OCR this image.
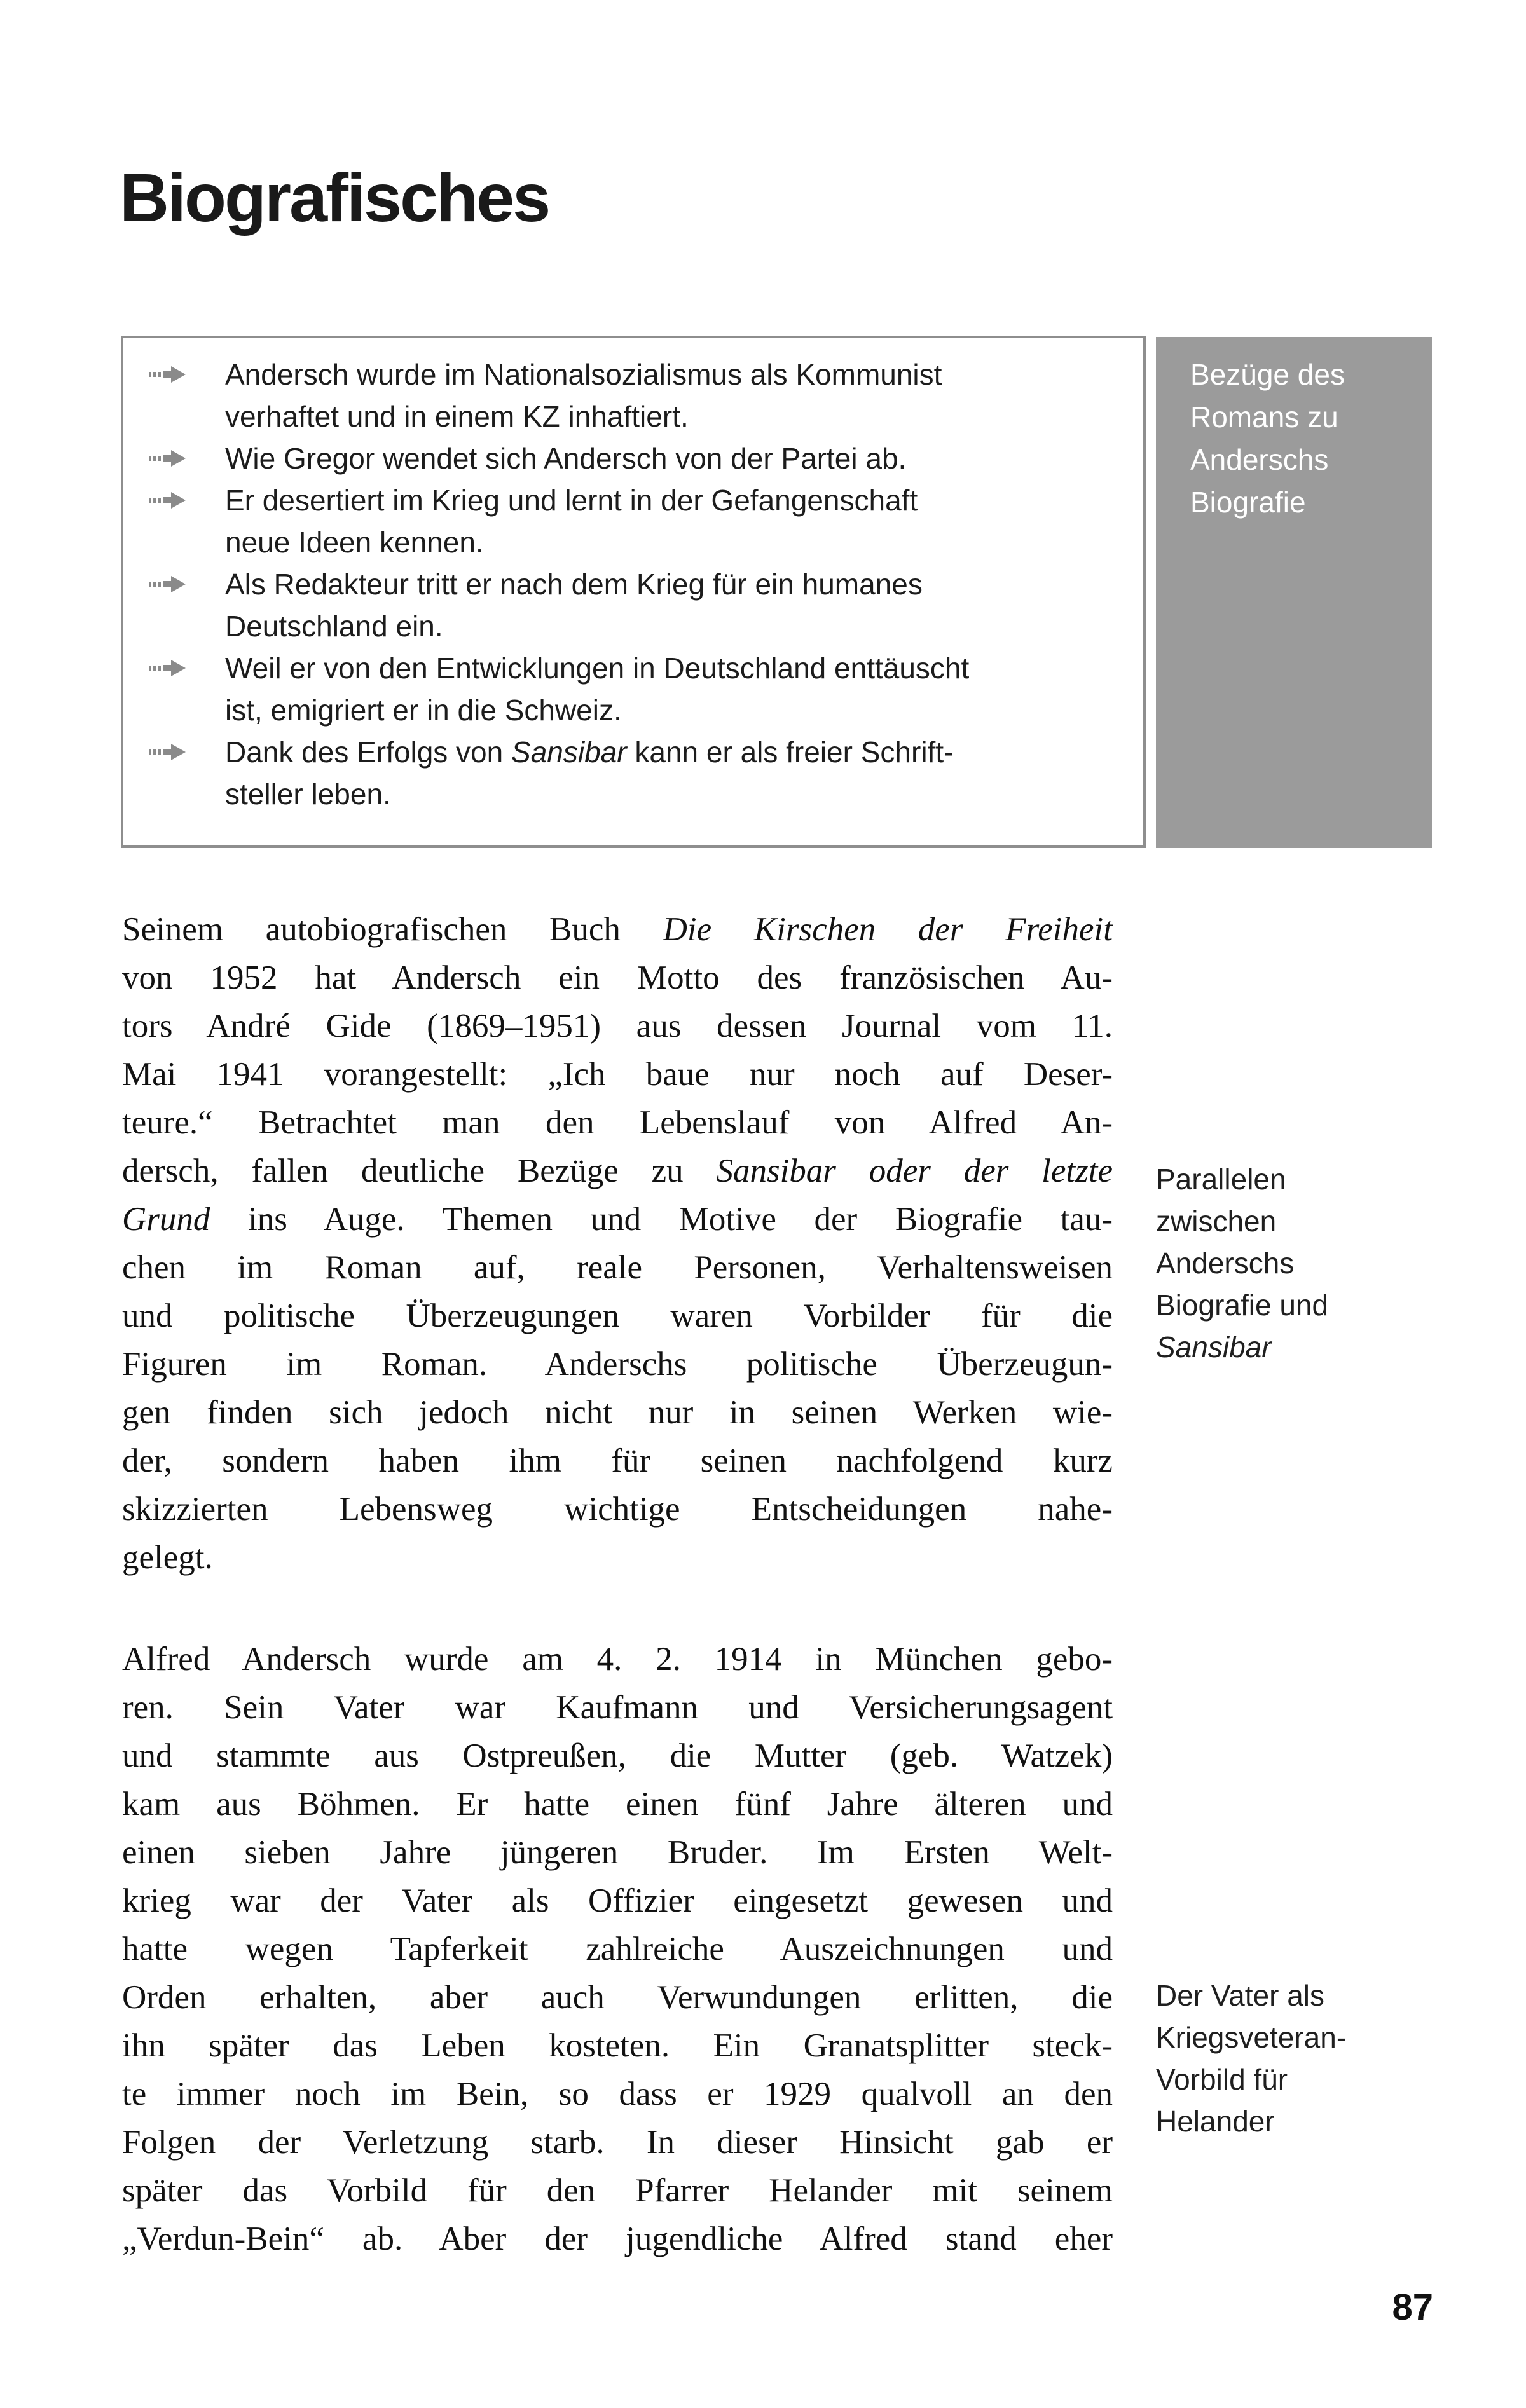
Biografisches
Andersch wurde im Nationalsozialismus als Kommunist
verhaftet und in einem KZ inhaftiert.
Wie Gregor wendet sich Andersch von der Partei ab.
Er desertiert im Krieg und lernt in der Gefangenschaft
neue Ideen kennen.
Als Redakteur tritt er nach dem Krieg für ein humanes
Deutschland ein.
Weil er von den Entwicklungen in Deutschland enttäuscht
ist, emigriert er in die Schweiz.
Dank des Erfolgs von Sansibar kann er als freier Schrift-
steller leben.
Bezüge des
Romans zu
Anderschs
Biografie
Seinem autobiografischen Buch Die Kirschen der Freiheit
von 1952 hat Andersch ein Motto des französischen Au-
tors André Gide (1869–1951) aus dessen Journal vom 11.
Mai 1941 vorangestellt: „Ich baue nur noch auf Deser-
teure.“ Betrachtet man den Lebenslauf von Alfred An-
dersch, fallen deutliche Bezüge zu Sansibar oder der letzte
Grund ins Auge. Themen und Motive der Biografie tau-
chen im Roman auf, reale Personen, Verhaltensweisen
und politische Überzeugungen waren Vorbilder für die
Figuren im Roman. Anderschs politische Überzeugun-
gen finden sich jedoch nicht nur in seinen Werken wie-
der, sondern haben ihm für seinen nachfolgend kurz
skizzierten Lebensweg wichtige Entscheidungen nahe-
gelegt.
Alfred Andersch wurde am 4. 2. 1914 in München gebo-
ren. Sein Vater war Kaufmann und Versicherungsagent
und stammte aus Ostpreußen, die Mutter (geb. Watzek)
kam aus Böhmen. Er hatte einen fünf Jahre älteren und
einen sieben Jahre jüngeren Bruder. Im Ersten Welt-
krieg war der Vater als Offizier eingesetzt gewesen und
hatte wegen Tapferkeit zahlreiche Auszeichnungen und
Orden erhalten, aber auch Verwundungen erlitten, die
ihn später das Leben kosteten. Ein Granatsplitter steck-
te immer noch im Bein, so dass er 1929 qualvoll an den
Folgen der Verletzung starb. In dieser Hinsicht gab er
später das Vorbild für den Pfarrer Helander mit seinem
„Verdun-Bein“ ab. Aber der jugendliche Alfred stand eher
Parallelen
zwischen
Anderschs
Biografie und
Sansibar
Der Vater als
Kriegsveteran-
Vorbild für
Helander
87
